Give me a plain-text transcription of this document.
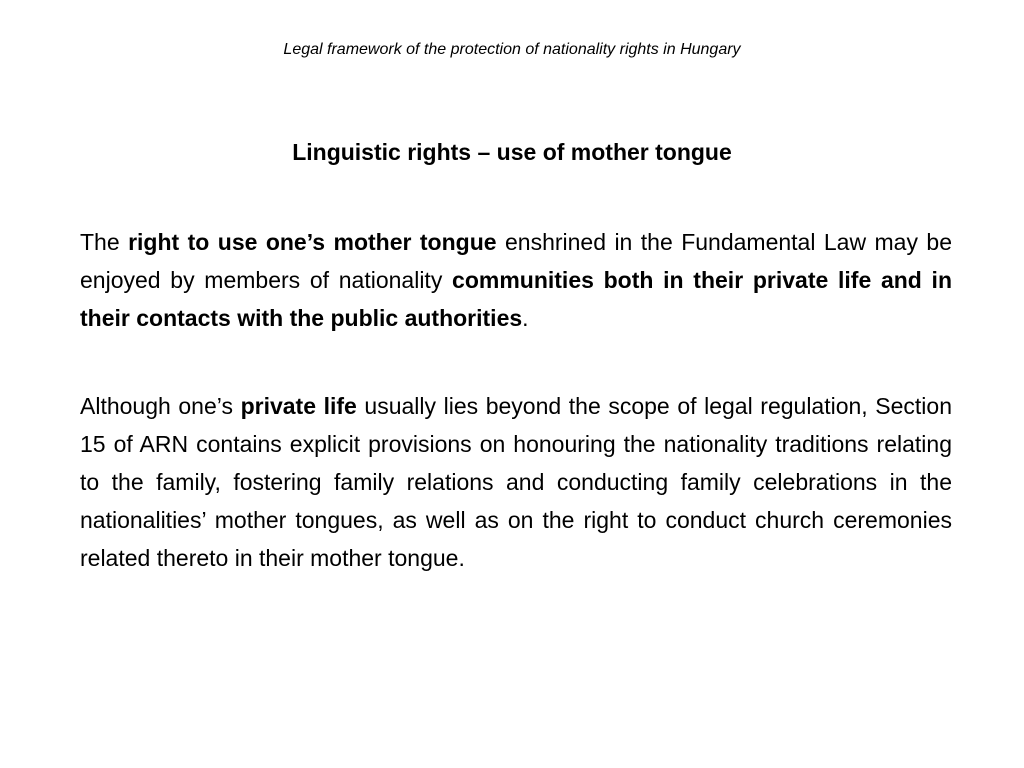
Legal framework of the protection of nationality rights in Hungary
Linguistic rights – use of mother tongue
The right to use one’s mother tongue enshrined in the Fundamental Law may be enjoyed by members of nationality communities both in their private life and in their contacts with the public authorities.
Although one’s private life usually lies beyond the scope of legal regulation, Section 15 of ARN contains explicit provisions on honouring the nationality traditions relating to the family, fostering family relations and conducting family celebrations in the nationalities’ mother tongues, as well as on the right to conduct church ceremonies related thereto in their mother tongue.
